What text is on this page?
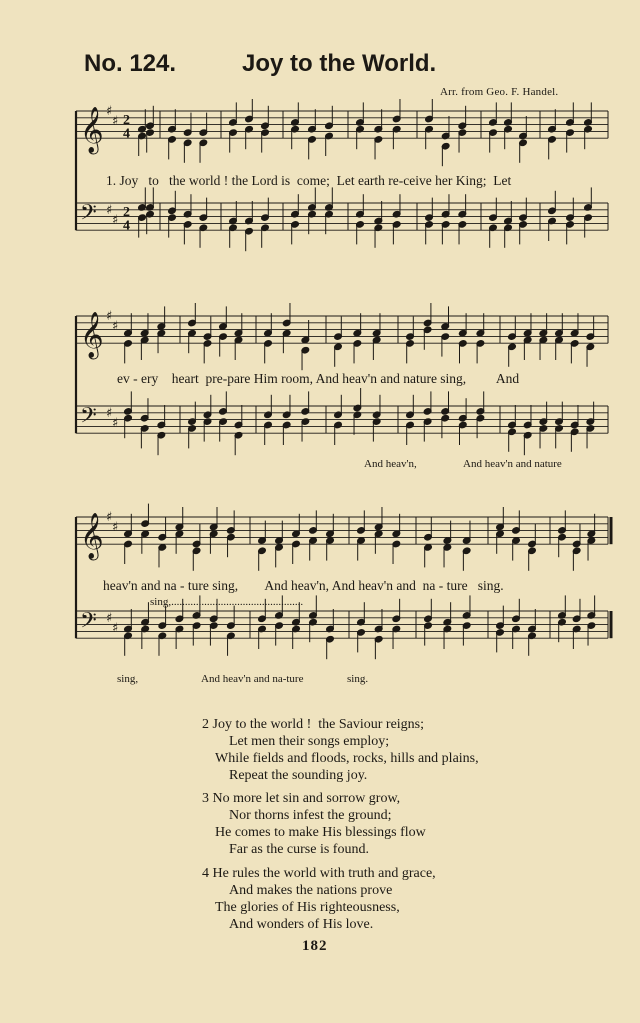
No. 124.	Joy to the World.
Arr. from Geo. F. Handel.
𝄞
𝄢
♯
♯
♯
♯
2
4
2
4
𝄞
𝄢
♯
♯
♯
♯
𝄞
𝄢
♯
♯
♯
♯
1. Joy   to   the world ! the Lord is  come;  Let earth re-ceive her King;  Let
ev - ery    heart  pre-pare Him room, And heav'n and nature sing,         And
And heav'n,	And heav'n and nature
heav'n and na - ture sing,        And heav'n, And heav'n and  na - ture   sing.
sing,................................................
sing,	And heav'n and na-ture	sing.
2 Joy to the world !  the Saviour reigns;
Let men their songs employ;
While fields and floods, rocks, hills and plains,
Repeat the sounding joy.
3 No more let sin and sorrow grow,
Nor thorns infest the ground;
He comes to make His blessings flow
Far as the curse is found.
4 He rules the world with truth and grace,
And makes the nations prove
The glories of His righteousness,
And wonders of His love.
182
